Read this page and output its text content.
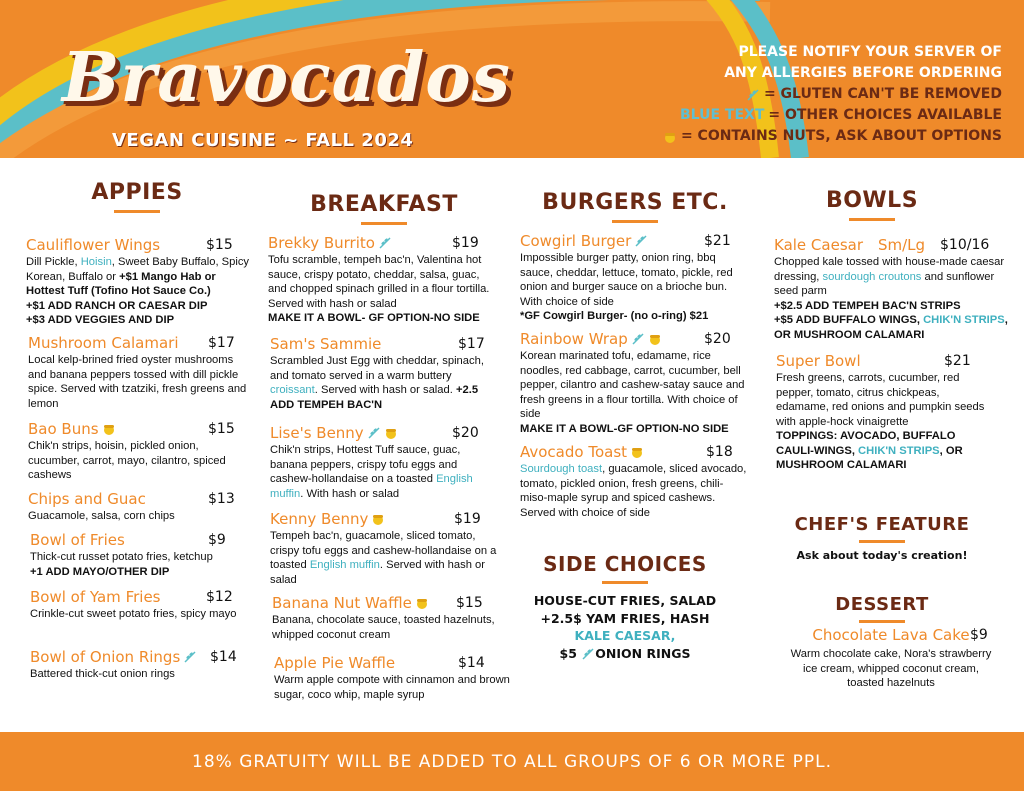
Bravocados
VEGAN CUISINE ~ FALL 2024
PLEASE NOTIFY YOUR SERVER OF
ANY ALLERGIES BEFORE ORDERING
= GLUTEN CAN'T BE REMOVED
BLUE TEXT = OTHER CHOICES AVAILABLE
= CONTAINS NUTS, ASK ABOUT OPTIONS
APPIES
Cauliflower Wings	$15
Dill Pickle, Hoisin, Sweet Baby Buffalo, Spicy Korean, Buffalo or +$1 Mango Hab or Hottest Tuff (Tofino Hot Sauce Co.)
+$1 ADD RANCH OR CAESAR DIP
+$3 ADD VEGGIES AND DIP
Mushroom Calamari $17
Local kelp-brined fried oyster mushrooms and banana peppers tossed with dill pickle spice. Served with tzatziki, fresh greens and lemon
Bao Buns	$15
Chik'n strips, hoisin, pickled onion, cucumber, carrot, mayo, cilantro, spiced cashews
Chips and Guac	$13
Guacamole, salsa, corn chips
Bowl of Fries	$9
Thick-cut russet potato fries, ketchup
+1 ADD MAYO/OTHER DIP
Bowl of Yam Fries	$12
Crinkle-cut sweet potato fries, spicy mayo
Bowl of Onion Rings $14
Battered thick-cut onion rings
BREAKFAST
Brekky Burrito	$19
Tofu scramble, tempeh bac'n, Valentina hot sauce, crispy potato, cheddar, salsa, guac, and chopped spinach grilled in a flour tortilla. Served with hash or salad
MAKE IT A BOWL- GF OPTION-NO SIDE
Sam's Sammie	$17
Scrambled Just Egg with cheddar, spinach, and tomato served in a warm buttery croissant. Served with hash or salad. +2.5 ADD TEMPEH BAC'N
Lise's Benny	$20
Chik'n strips, Hottest Tuff sauce, guac, banana peppers, crispy tofu eggs and cashew-hollandaise on a toasted English muffin. With hash or salad
Kenny Benny	$19
Tempeh bac'n, guacamole, sliced tomato, crispy tofu eggs and cashew-hollandaise on a toasted English muffin. Served with hash or salad
Banana Nut Waffle	$15
Banana, chocolate sauce, toasted hazelnuts, whipped coconut cream
Apple Pie Waffle	$14
Warm apple compote with cinnamon and brown sugar, coco whip, maple syrup
BURGERS ETC.
Cowgirl Burger	$21
Impossible burger patty, onion ring, bbq sauce, cheddar, lettuce, tomato, pickle, red onion and burger sauce on a brioche bun. With choice of side
*GF Cowgirl Burger- (no o-ring) $21
Rainbow Wrap	$20
Korean marinated tofu, edamame, rice noodles, red cabbage, carrot, cucumber, bell pepper, cilantro and cashew-satay sauce and fresh greens in a flour tortilla. With choice of side
MAKE IT A BOWL-GF OPTION-NO SIDE
Avocado Toast	$18
Sourdough toast, guacamole, sliced avocado, tomato, pickled onion, fresh greens, chili-miso-maple syrup and spiced cashews. Served with choice of side
SIDE CHOICES
HOUSE-CUT FRIES, SALAD
+2.5$ YAM FRIES, HASH
KALE CAESAR,
$5 ONION RINGS
BOWLS
Kale Caesar Sm/Lg $10/16
Chopped kale tossed with house-made caesar dressing, sourdough croutons and sunflower seed parm
+$2.5 ADD TEMPEH BAC'N STRIPS
+$5 ADD BUFFALO WINGS, CHIK'N STRIPS, OR MUSHROOM CALAMARI
Super Bowl	$21
Fresh greens, carrots, cucumber, red pepper, tomato, citrus chickpeas, edamame, red onions and pumpkin seeds with apple-hock vinaigrette
TOPPINGS: AVOCADO, BUFFALO CAULI-WINGS, CHIK'N STRIPS, OR MUSHROOM CALAMARI
CHEF'S FEATURE
Ask about today's creation!
DESSERT
Chocolate Lava Cake $9
Warm chocolate cake, Nora's strawberry ice cream, whipped coconut cream, toasted hazelnuts
18% GRATUITY WILL BE ADDED TO ALL GROUPS OF 6 OR MORE PPL.
